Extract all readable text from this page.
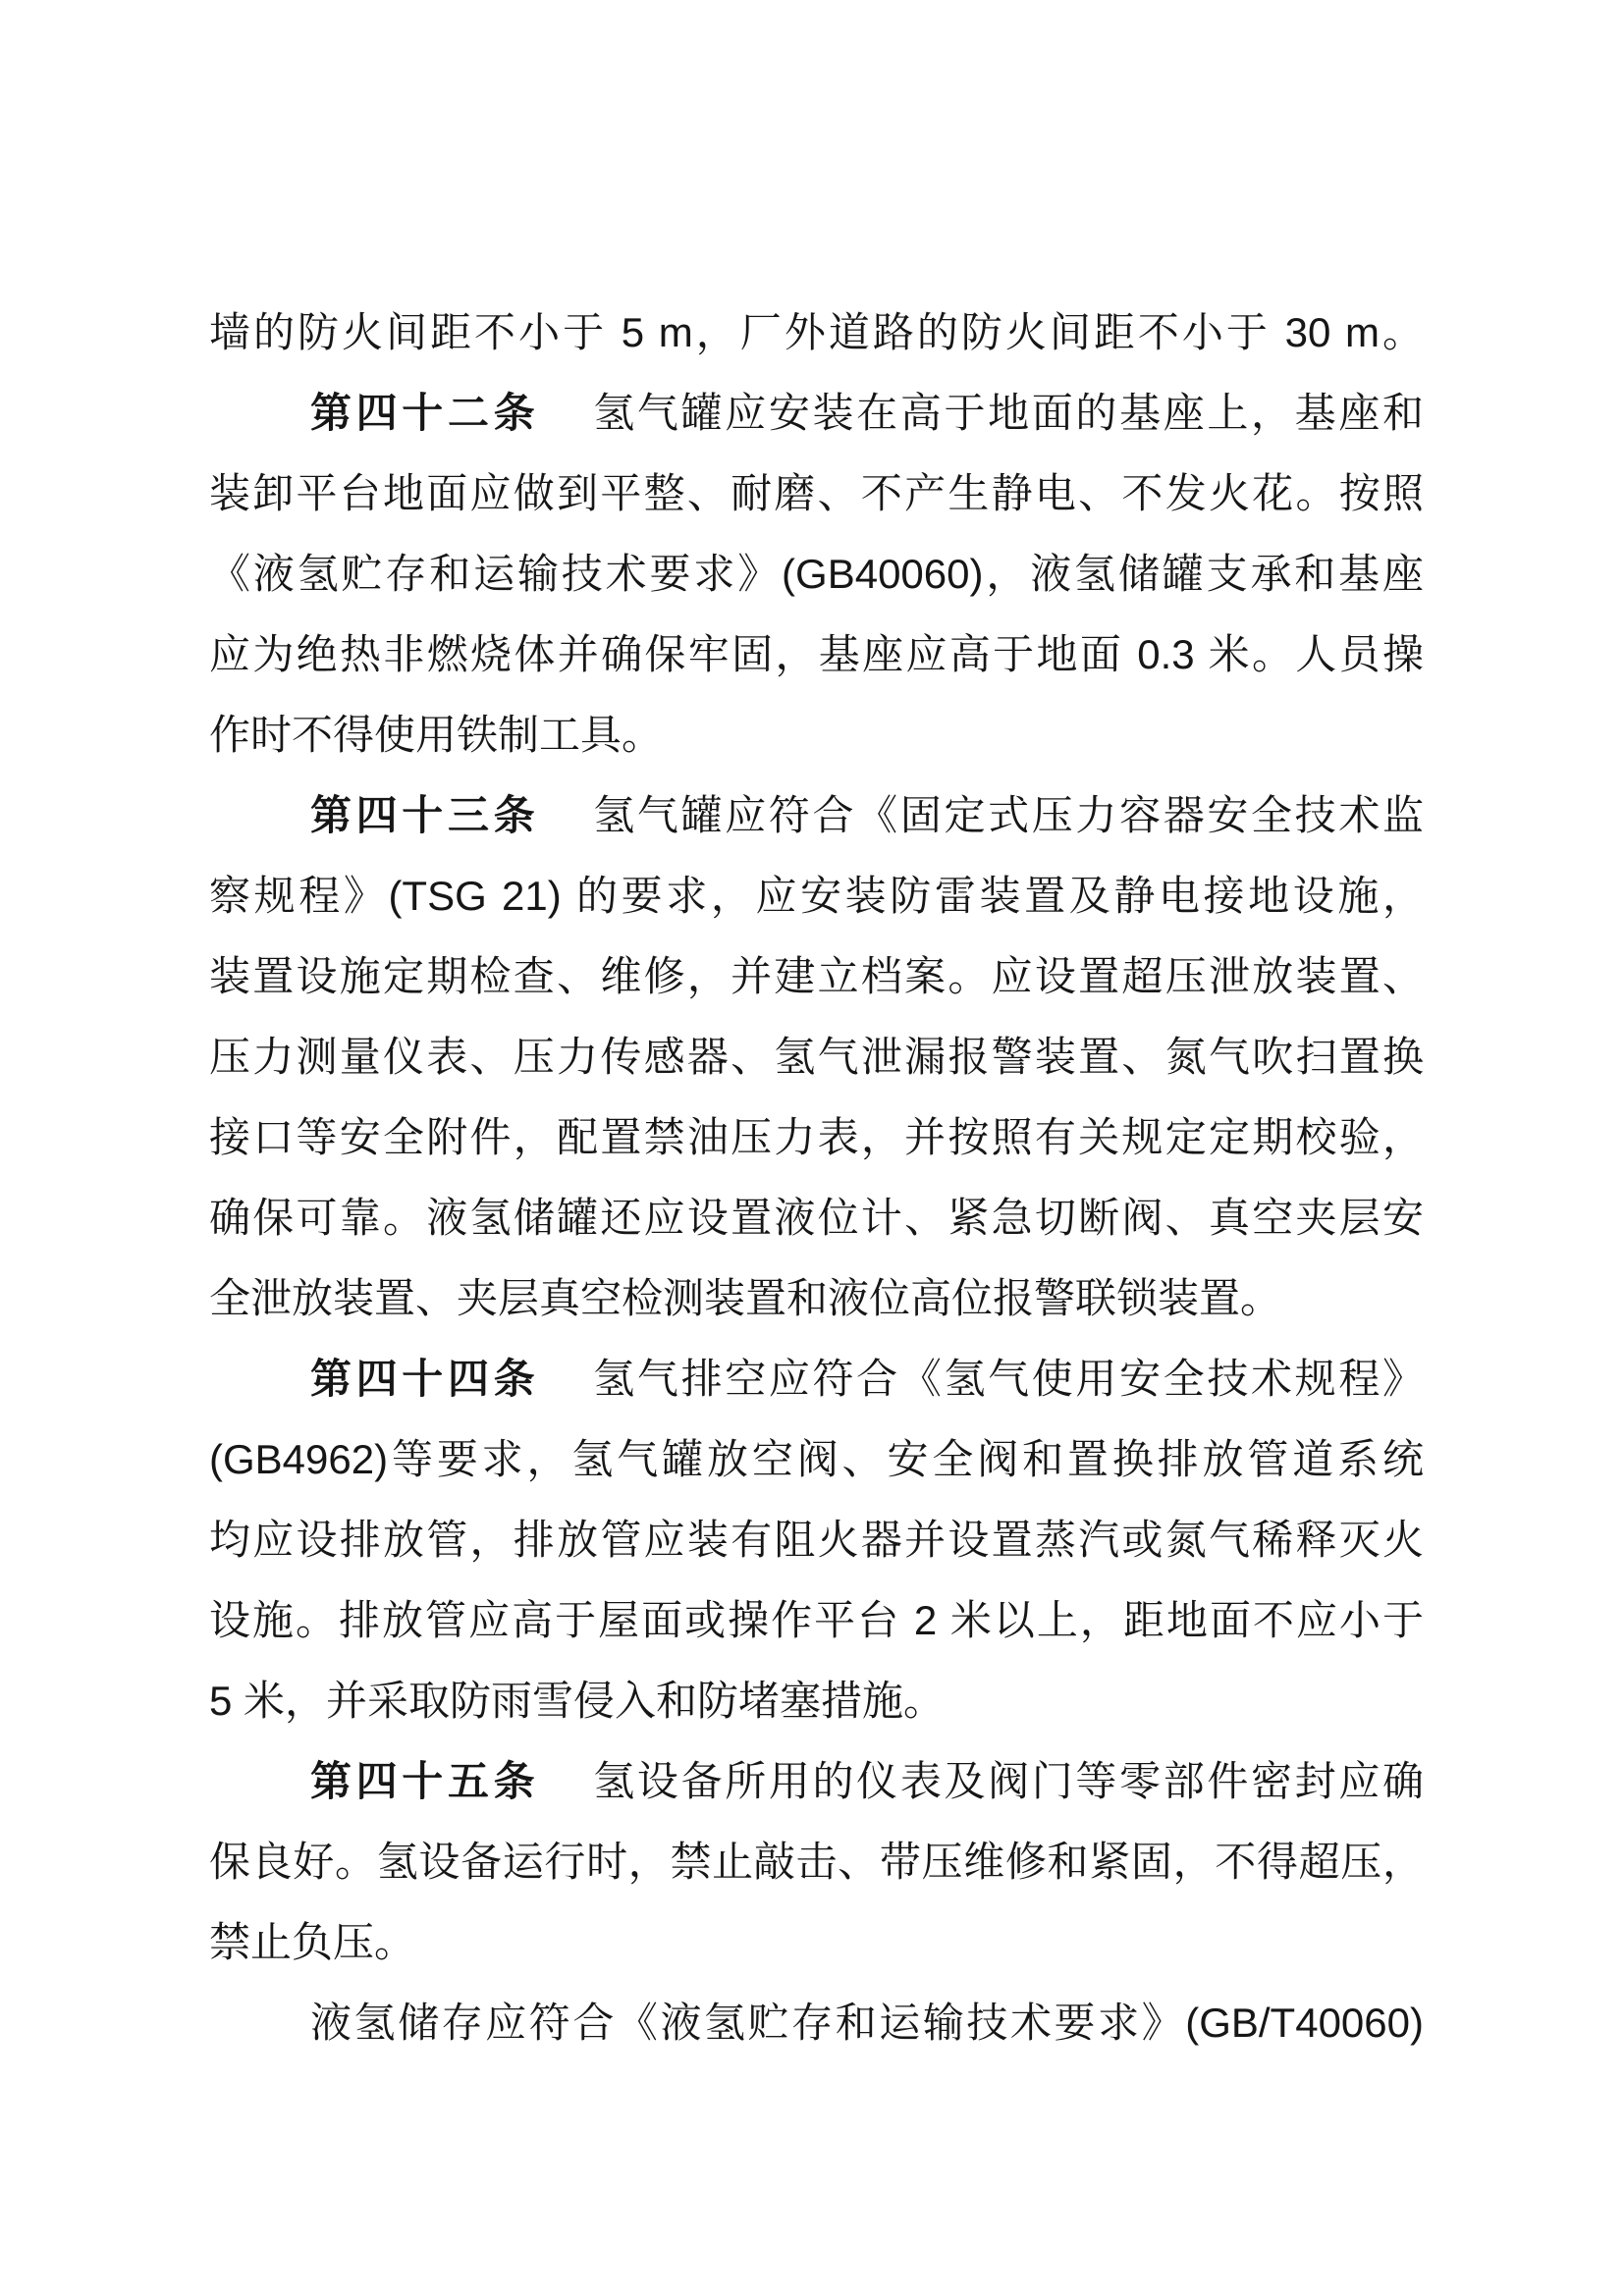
墙的防火间距不小于 5 m，厂外道路的防火间距不小于 30 m。
第四十二条 氢气罐应安装在高于地面的基座上，基座和
装卸平台地面应做到平整、耐磨、不产生静电、不发火花。按照
《液氢贮存和运输技术要求》(GB40060)，液氢储罐支承和基座
应为绝热非燃烧体并确保牢固，基座应高于地面 0.3 米。人员操
作时不得使用铁制工具。
第四十三条 氢气罐应符合《固定式压力容器安全技术监
察规程》(TSG 21) 的要求，应安装防雷装置及静电接地设施，
装置设施定期检查、维修，并建立档案。应设置超压泄放装置、
压力测量仪表、压力传感器、氢气泄漏报警装置、氮气吹扫置换
接口等安全附件，配置禁油压力表，并按照有关规定定期校验，
确保可靠。液氢储罐还应设置液位计、紧急切断阀、真空夹层安
全泄放装置、夹层真空检测装置和液位高位报警联锁装置。
第四十四条 氢气排空应符合《氢气使用安全技术规程》
(GB4962)等要求，氢气罐放空阀、安全阀和置换排放管道系统
均应设排放管，排放管应装有阻火器并设置蒸汽或氮气稀释灭火
设施。排放管应高于屋面或操作平台 2 米以上，距地面不应小于
5 米，并采取防雨雪侵入和防堵塞措施。
第四十五条 氢设备所用的仪表及阀门等零部件密封应确
保良好。氢设备运行时，禁止敲击、带压维修和紧固，不得超压，
禁止负压。
液氢储存应符合《液氢贮存和运输技术要求》(GB/T40060)
